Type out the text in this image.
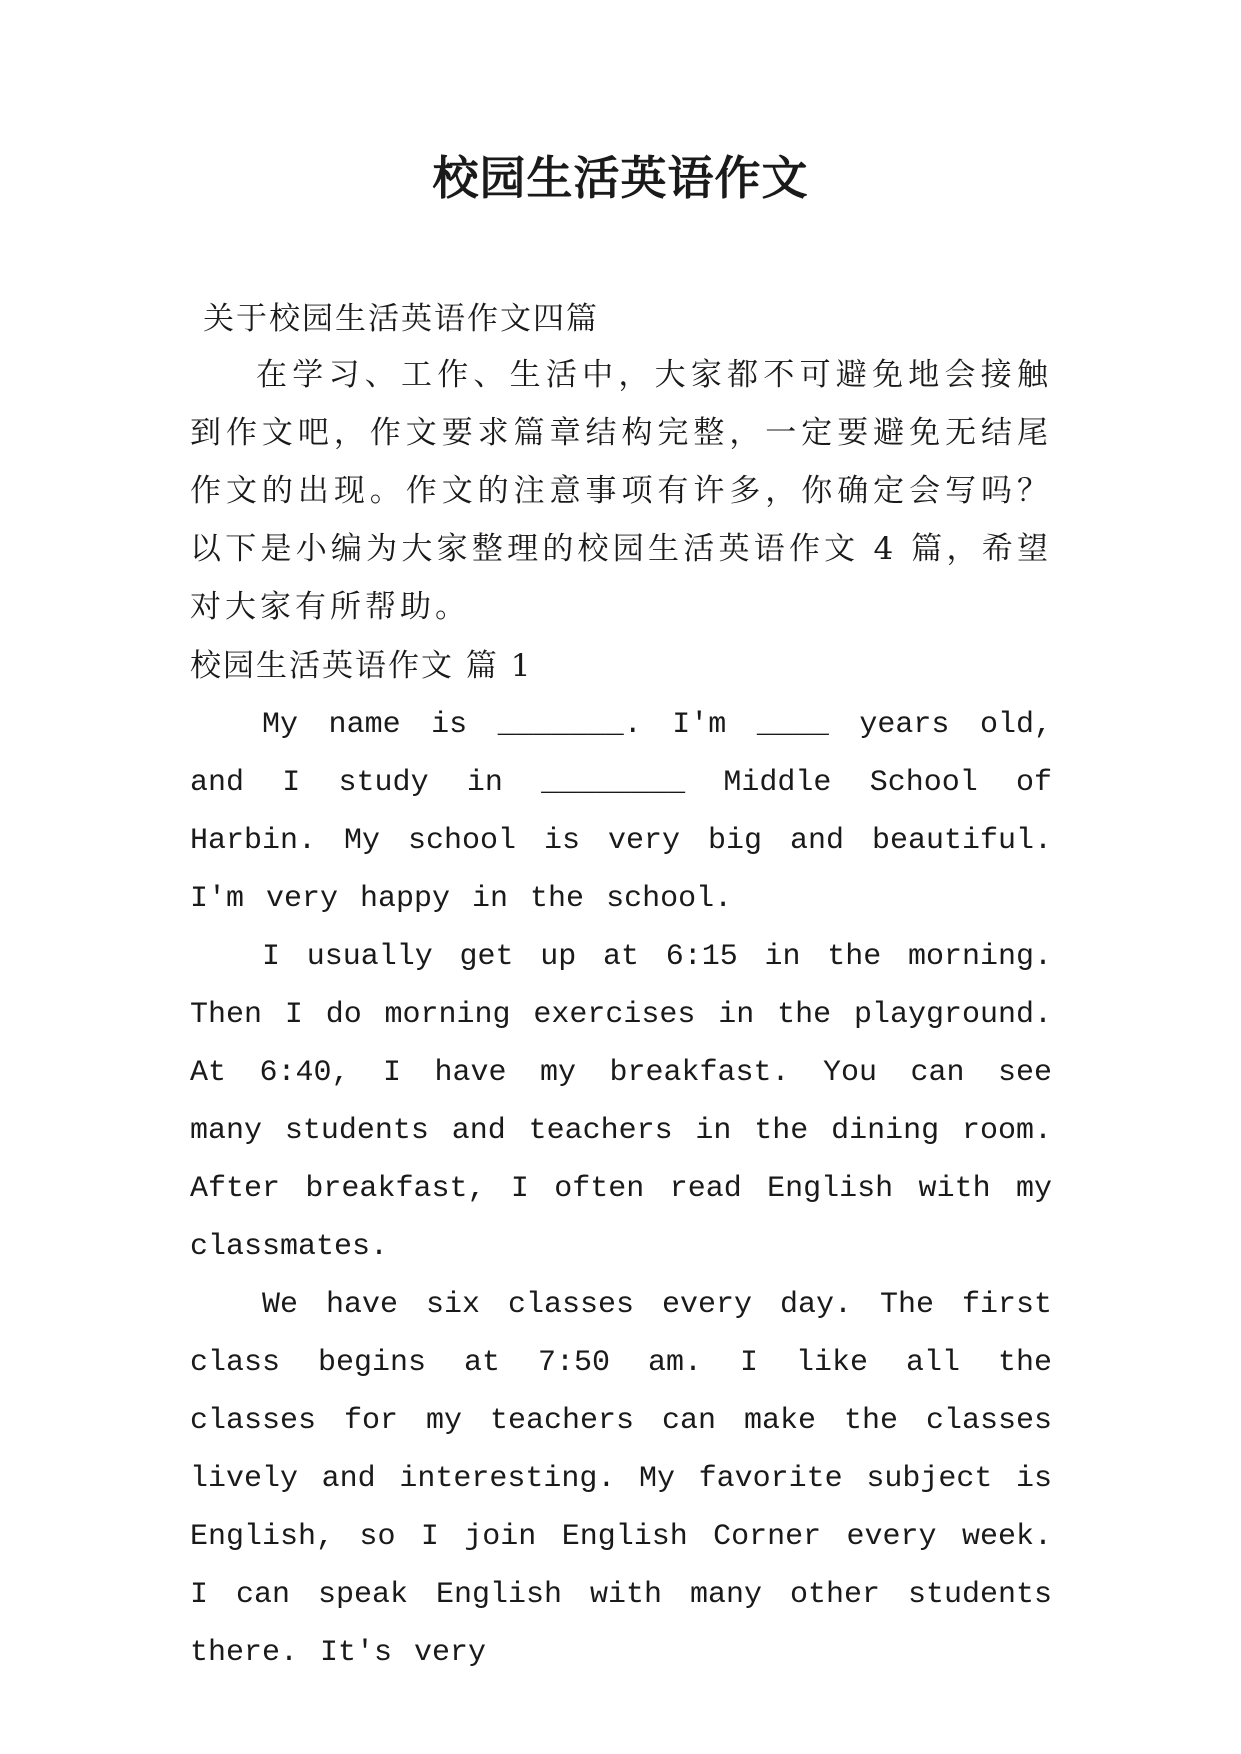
校园生活英语作文

关于校园生活英语作文四篇

在学习、工作、生活中，大家都不可避免地会接触到作文吧，作文要求篇章结构完整，一定要避免无结尾作文的出现。作文的注意事项有许多，你确定会写吗？以下是小编为大家整理的校园生活英语作文 4 篇，希望对大家有所帮助。

校园生活英语作文 篇 1

My name is _______. I'm ____ years old, and I study in ________ Middle School of Harbin. My school is very big and beautiful. I'm very happy in the school.

I usually get up at 6:15 in the morning. Then I do morning exercises in the playground. At 6:40, I have my breakfast. You can see many students and teachers in the dining room. After breakfast, I often read English with my classmates.

We have six classes every day. The first class begins at 7:50 am. I like all the classes for my teachers can make the classes lively and interesting. My favorite subject is English, so I join English Corner every week. I can speak English with many other students there. It's very
